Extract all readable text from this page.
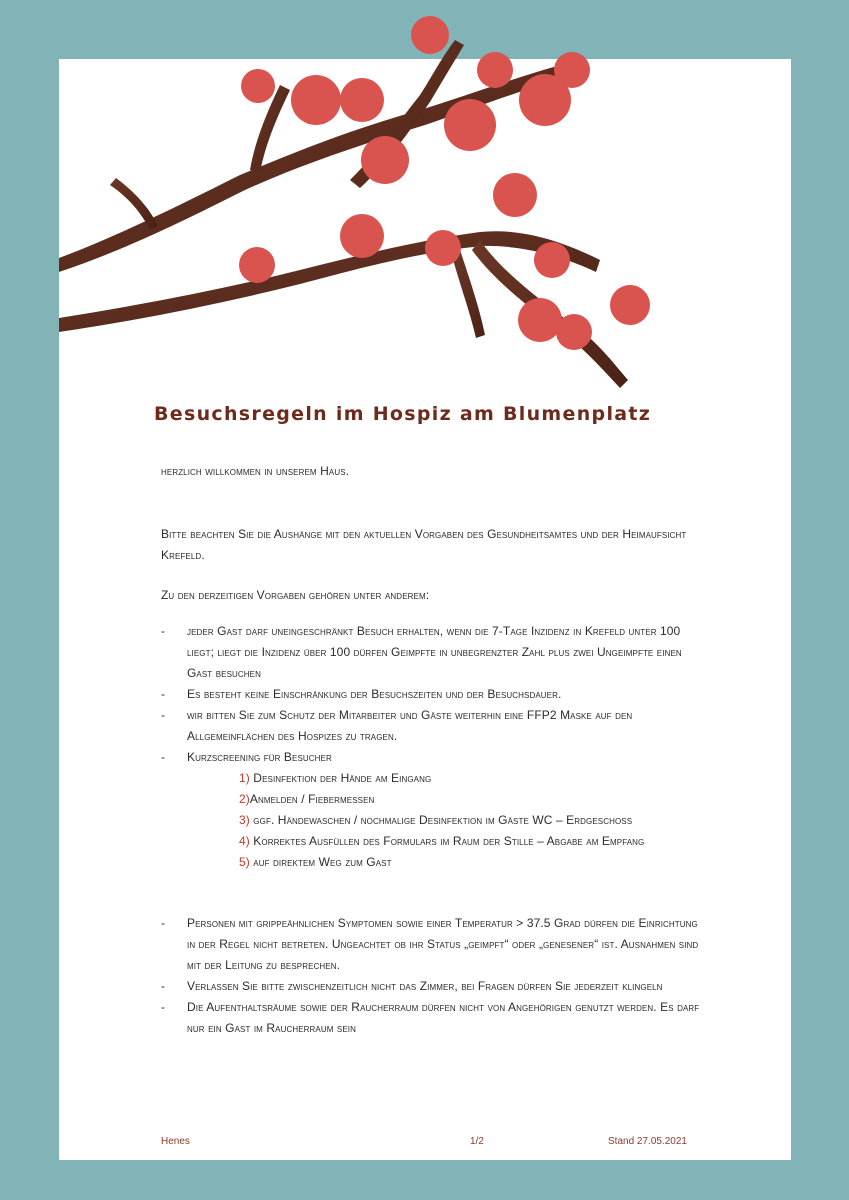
Besuchsregeln im Hospiz am Blumenplatz
herzlich willkommen in unserem Haus.
Bitte beachten Sie die Aushänge mit den aktuellen Vorgaben des Gesundheitsamtes und der Heimaufsicht Krefeld.
Zu den derzeitigen Vorgaben gehören unter anderem:
- jeder Gast darf uneingeschränkt Besuch erhalten, wenn die 7-Tage Inzidenz in Krefeld unter 100 liegt; liegt die Inzidenz über 100 dürfen Geimpfte in unbegrenzter Zahl plus zwei Ungeimpfte einen Gast besuchen
- Es besteht keine Einschränkung der Besuchszeiten und der Besuchsdauer.
- wir bitten Sie zum Schutz der Mitarbeiter und Gäste weiterhin eine FFP2 Maske auf den Allgemeinflächen des Hospizes zu tragen.
- Kurzscreening für Besucher
1) Desinfektion der Hände am Eingang
2)Anmelden / Fiebermessen
3) ggf. Händewaschen / nochmalige Desinfektion im Gäste WC – Erdgeschoss
4) Korrektes Ausfüllen des Formulars im Raum der Stille – Abgabe am Empfang
5) auf direktem Weg zum Gast
- Personen mit grippeähnlichen Symptomen sowie einer Temperatur > 37.5 Grad dürfen die Einrichtung in der Regel nicht betreten. Ungeachtet ob ihr Status „geimpft“ oder „genesener“ ist. Ausnahmen sind mit der Leitung zu besprechen.
- Verlassen Sie bitte zwischenzeitlich nicht das Zimmer, bei Fragen dürfen Sie jederzeit klingeln
- Die Aufenthaltsräume sowie der Raucherraum dürfen nicht von Angehörigen genutzt werden. Es darf nur ein Gast im Raucherraum sein
Henes	1/2	Stand 27.05.2021
